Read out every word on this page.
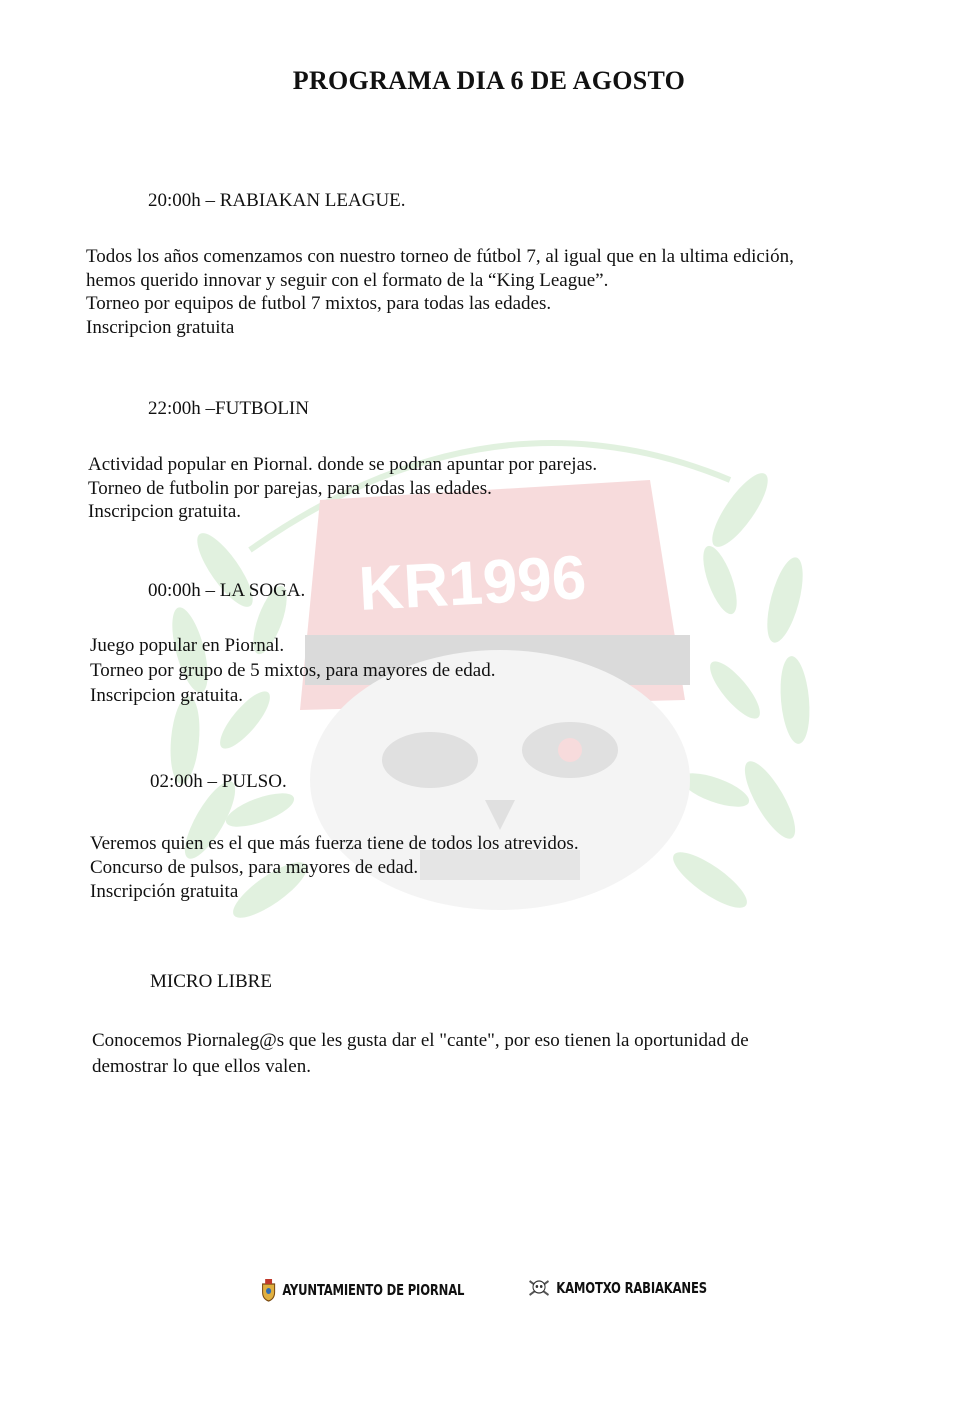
KR1996
PROGRAMA DIA 6 DE AGOSTO
20:00h – RABIAKAN LEAGUE.
Todos los años comenzamos con nuestro torneo de fútbol 7, al igual que en la ultima edición,
hemos querido innovar y seguir con el formato de la “King League”.
Torneo por equipos de futbol 7 mixtos, para todas las edades.
Inscripcion gratuita
22:00h –FUTBOLIN
Actividad popular en Piornal. donde se podran apuntar por parejas.
Torneo de futbolin por parejas, para todas las edades.
Inscripcion gratuita.
00:00h – LA SOGA.
Juego popular en Piornal.
Torneo por grupo de 5 mixtos, para mayores de edad.
Inscripcion gratuita.
02:00h – PULSO.
Veremos quien es el que más fuerza tiene de todos los atrevidos.
Concurso de pulsos, para mayores de edad.
Inscripción gratuita
MICRO LIBRE
Conocemos Piornaleg@s que les gusta dar el "cante", por eso tienen la oportunidad de
demostrar lo que ellos valen.
AYUNTAMIENTO DE PIORNAL	KAMOTXO RABIAKANES
